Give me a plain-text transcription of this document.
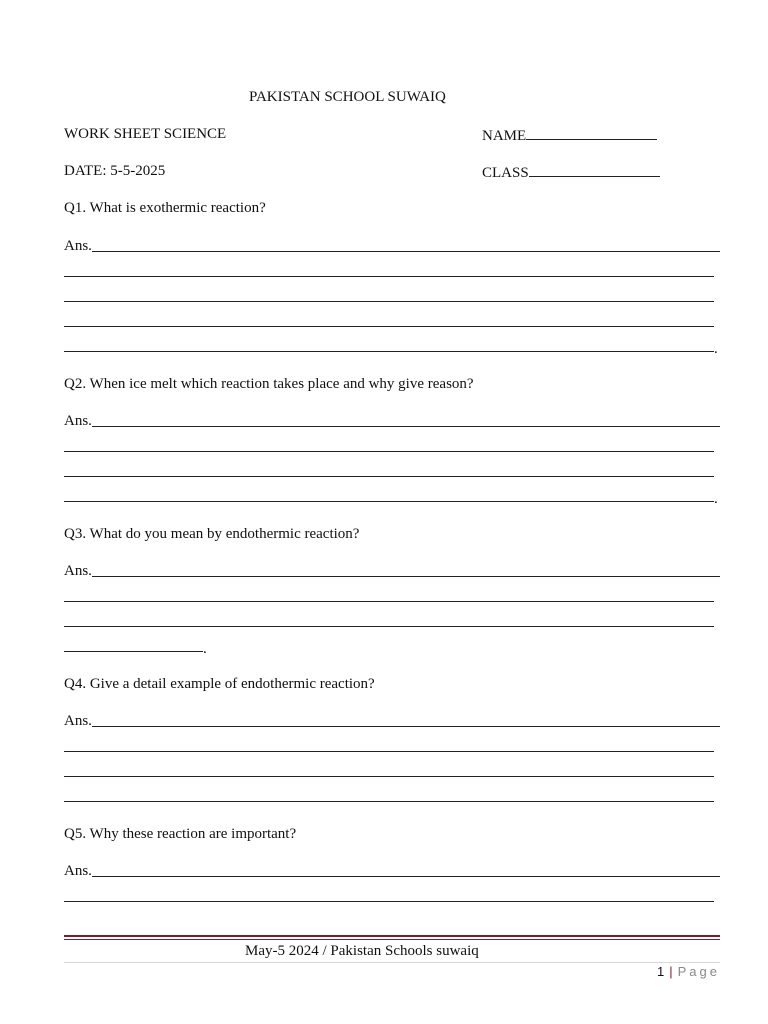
PAKISTAN SCHOOL SUWAIQ
WORK SHEET SCIENCE	NAME
DATE: 5-5-2025	CLASS
Q1. What is exothermic reaction?
Ans.
.
Q2. When ice melt which reaction takes place and why give reason?
Ans.
.
Q3. What do you mean by endothermic reaction?
Ans.
.
Q4. Give a detail example of endothermic reaction?
Ans.
Q5. Why these reaction are important?
Ans.
May-5 2024 / Pakistan Schools suwaiq
1 | Page
